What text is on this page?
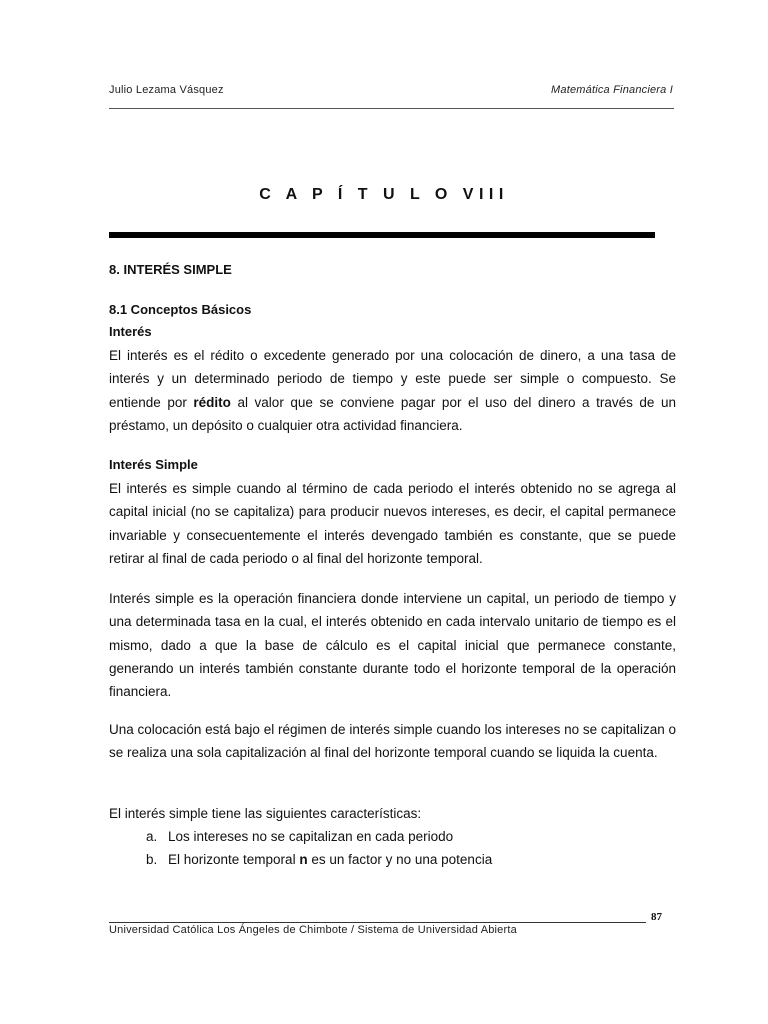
Julio Lezama Vásquez	Matemática Financiera I
C A P Í T U L O VIII
8. INTERÉS SIMPLE
8.1 Conceptos Básicos
Interés

El interés es el rédito o excedente generado por una colocación de dinero, a una tasa de interés y un determinado periodo de tiempo y este puede ser simple o compuesto. Se entiende por rédito al valor que se conviene pagar por el uso del dinero a través de un préstamo, un depósito o cualquier otra actividad financiera.

Interés Simple

El interés es simple cuando al término de cada periodo el interés obtenido no se agrega al capital inicial (no se capitaliza) para producir nuevos intereses, es decir, el capital permanece invariable y consecuentemente el interés devengado también es constante, que se puede retirar al final de cada periodo o al final del horizonte temporal.

Interés simple es la operación financiera donde interviene un capital, un periodo de tiempo y una determinada tasa en la cual, el interés obtenido en cada intervalo unitario de tiempo es el mismo, dado a que la base de cálculo es el capital inicial que permanece constante, generando un interés también constante durante todo el horizonte temporal de la operación financiera.

Una colocación está bajo el régimen de interés simple cuando los intereses no se capitalizan o se realiza una sola capitalización al final del horizonte temporal cuando se liquida la cuenta.

El interés simple tiene las siguientes características:
a. Los intereses no se capitalizan en cada periodo
b. El horizonte temporal n es un factor y no una potencia
87
Universidad Católica Los Ángeles de Chimbote / Sistema de Universidad Abierta
